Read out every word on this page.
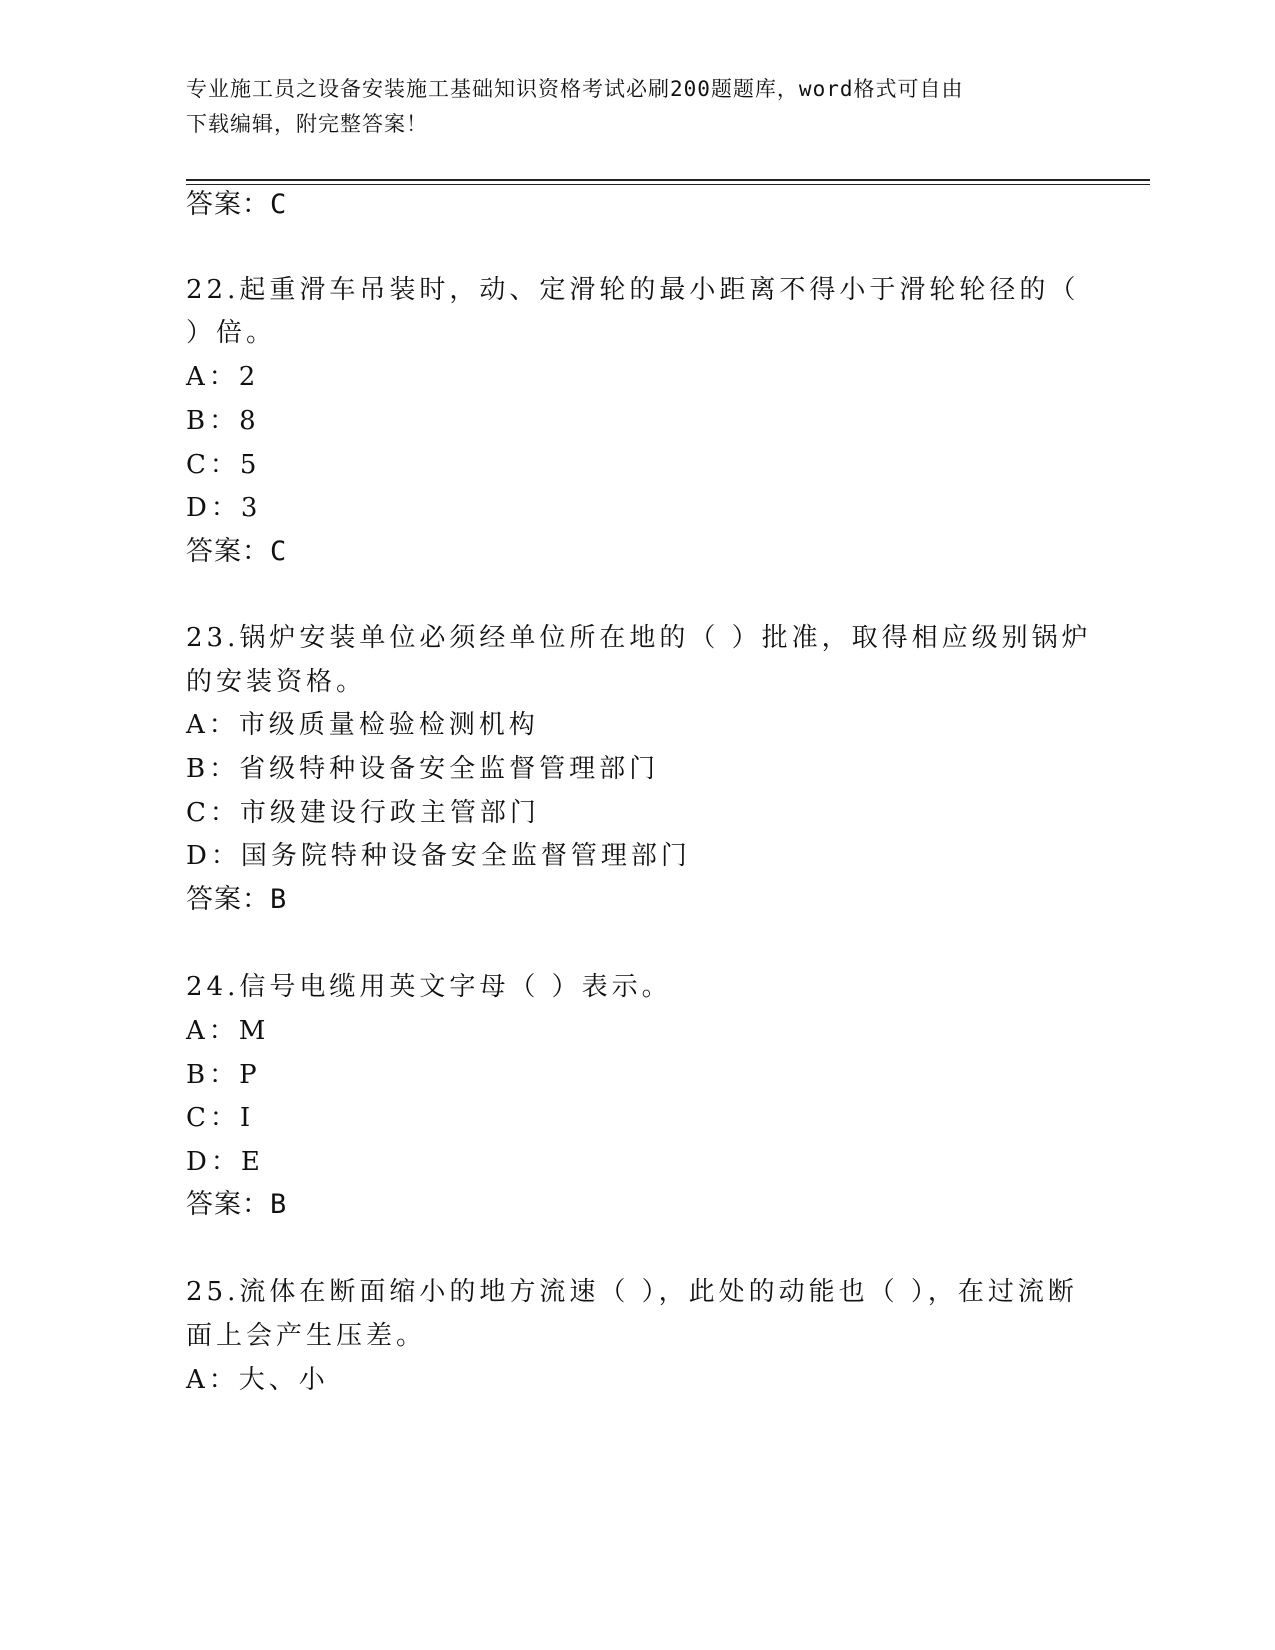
专业施工员之设备安装施工基础知识资格考试必刷200题题库，word格式可自由
下载编辑，附完整答案！
答案：C
22.起重滑车吊装时，动、定滑轮的最小距离不得小于滑轮轮径的（
）倍。
A：2
B：8
C：5
D：3
答案：C
23.锅炉安装单位必须经单位所在地的（ ）批准，取得相应级别锅炉
的安装资格。
A：市级质量检验检测机构
B：省级特种设备安全监督管理部门
C：市级建设行政主管部门
D：国务院特种设备安全监督管理部门
答案：B
24.信号电缆用英文字母（ ）表示。
A：M
B：P
C：I
D：E
答案：B
25.流体在断面缩小的地方流速（ ），此处的动能也（ ），在过流断
面上会产生压差。
A：大、小
